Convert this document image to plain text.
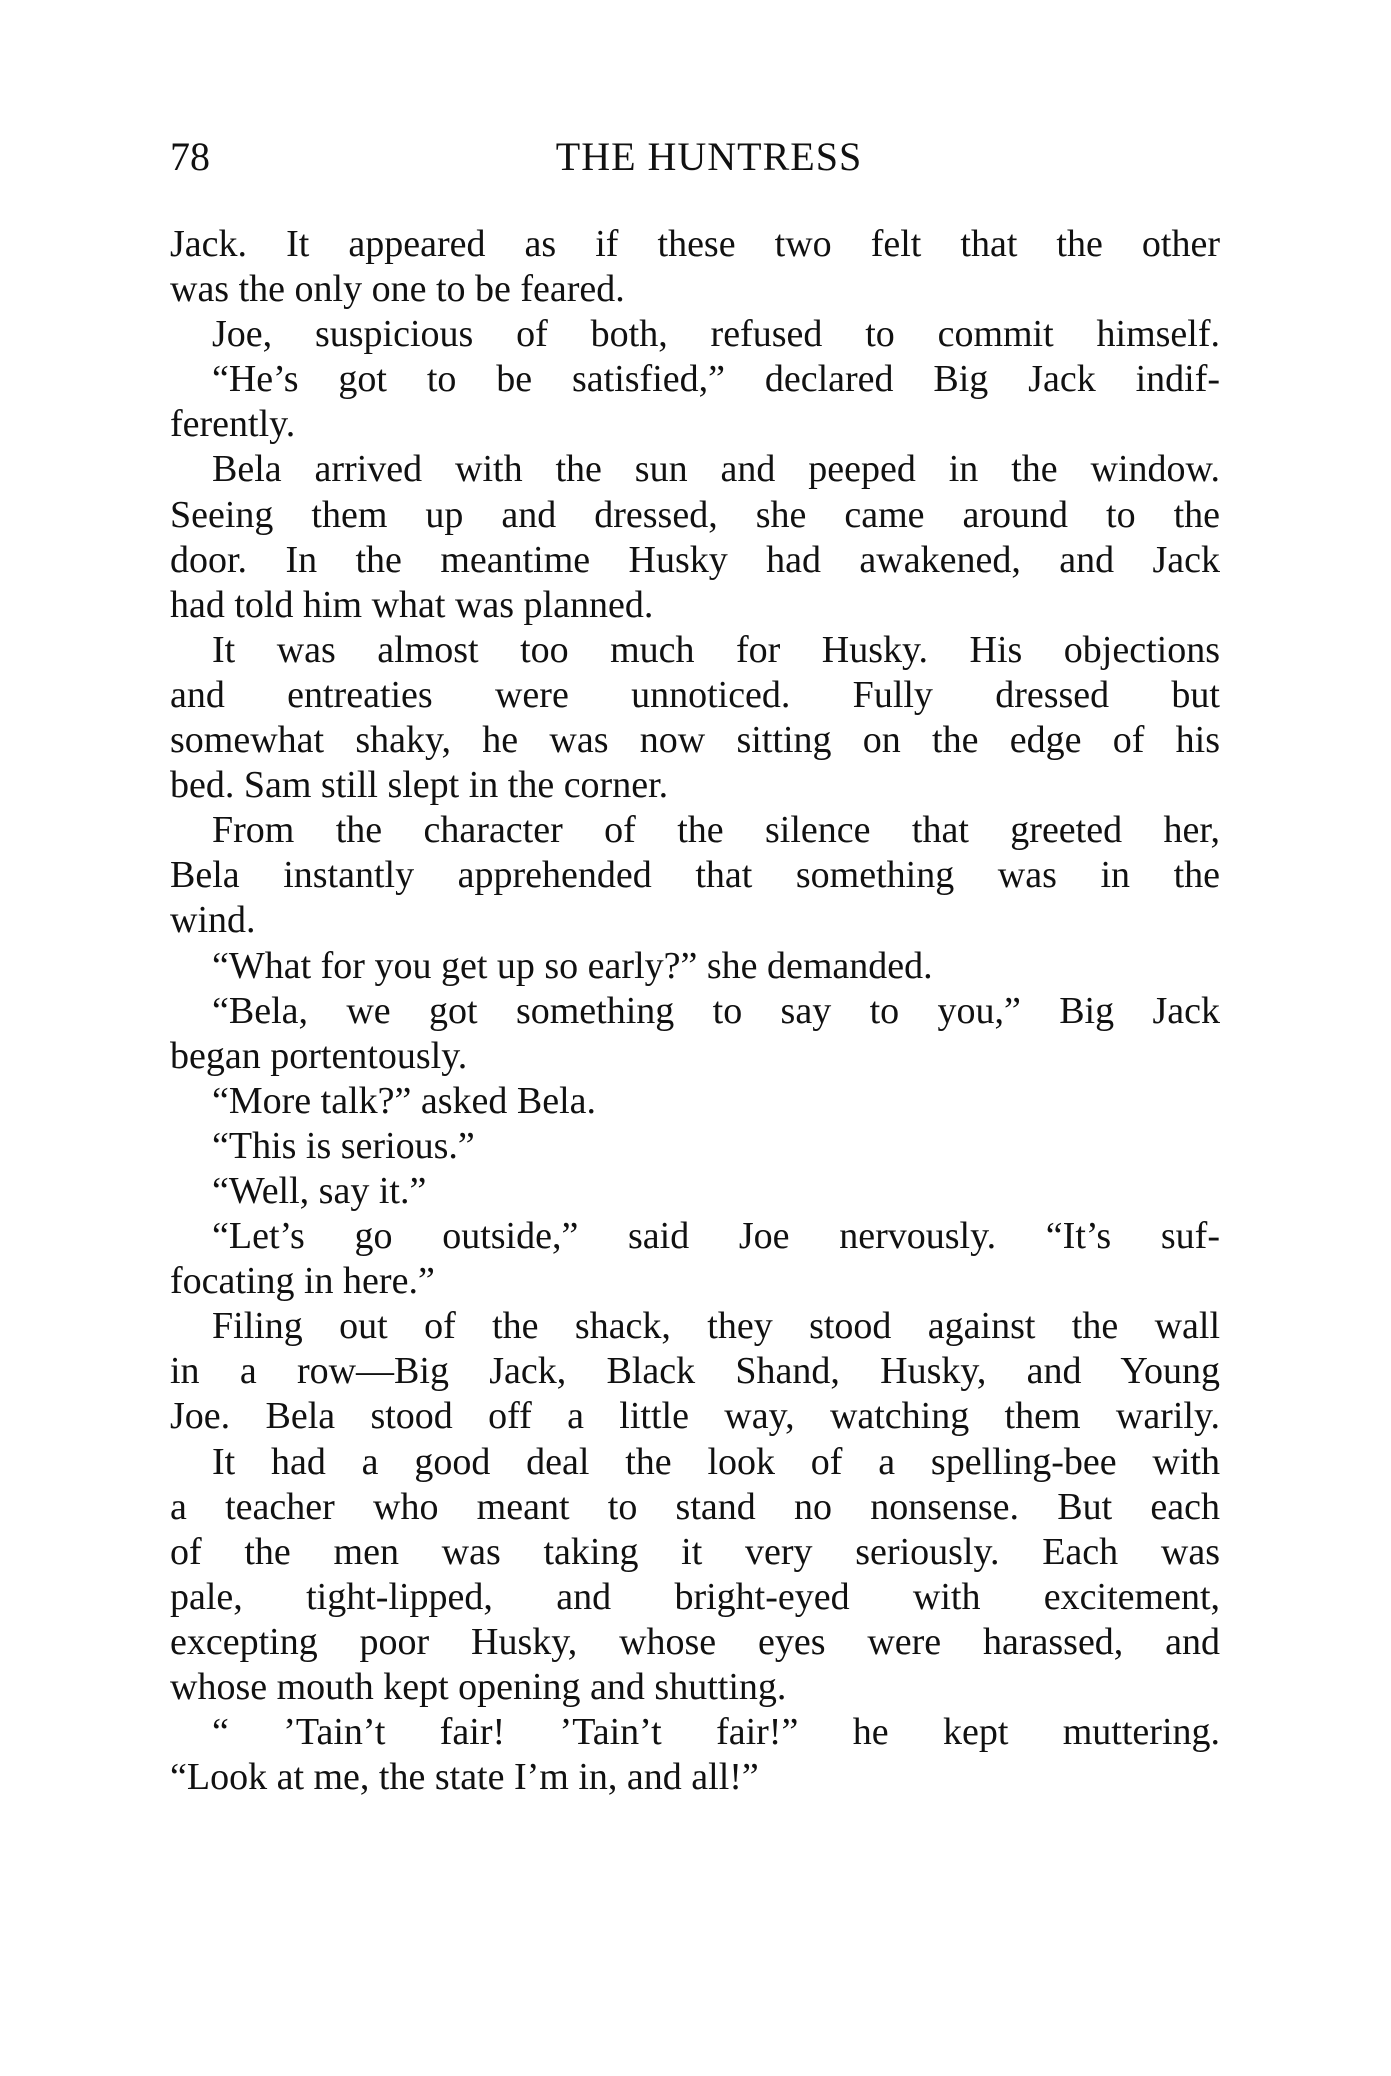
78	THE HUNTRESS
Jack. It appeared as if these two felt that the other
was the only one to be feared.
Joe, suspicious of both, refused to commit himself.
“He’s got to be satisfied,” declared Big Jack indif-
ferently.
Bela arrived with the sun and peeped in the window.
Seeing them up and dressed, she came around to the
door. In the meantime Husky had awakened, and Jack
had told him what was planned.
It was almost too much for Husky. His objections
and entreaties were unnoticed. Fully dressed but
somewhat shaky, he was now sitting on the edge of his
bed. Sam still slept in the corner.
From the character of the silence that greeted her,
Bela instantly apprehended that something was in the
wind.
“What for you get up so early?” she demanded.
“Bela, we got something to say to you,” Big Jack
began portentously.
“More talk?” asked Bela.
“This is serious.”
“Well, say it.”
“Let’s go outside,” said Joe nervously. “It’s suf-
focating in here.”
Filing out of the shack, they stood against the wall
in a row—Big Jack, Black Shand, Husky, and Young
Joe. Bela stood off a little way, watching them warily.
It had a good deal the look of a spelling-bee with
a teacher who meant to stand no nonsense. But each
of the men was taking it very seriously. Each was
pale, tight-lipped, and bright-eyed with excitement,
excepting poor Husky, whose eyes were harassed, and
whose mouth kept opening and shutting.
“ ’Tain’t fair! ’Tain’t fair!” he kept muttering.
“Look at me, the state I’m in, and all!”
